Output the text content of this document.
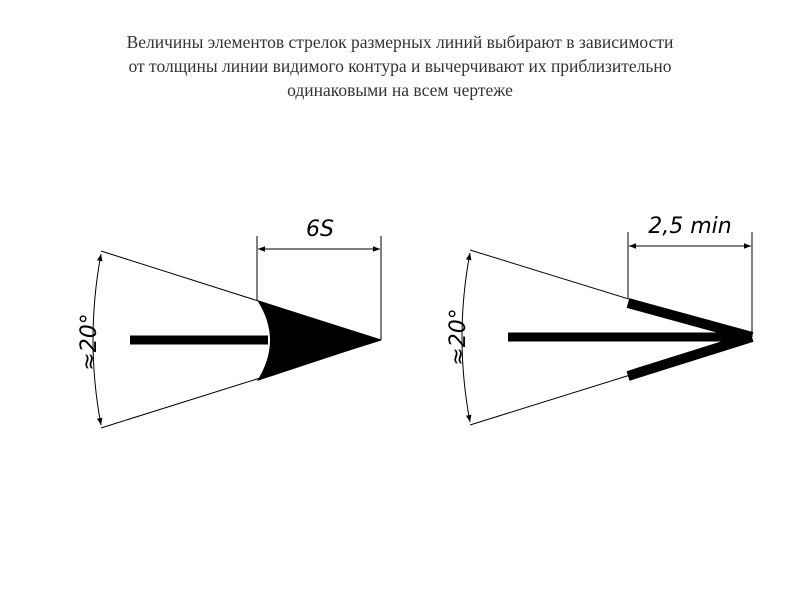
Величины элементов стрелок размерных линий выбирают в зависимости
от толщины линии видимого контура и вычерчивают их приблизительно
одинаковыми на всем чертеже
≈20°
6S
≈20°
2,5 min
